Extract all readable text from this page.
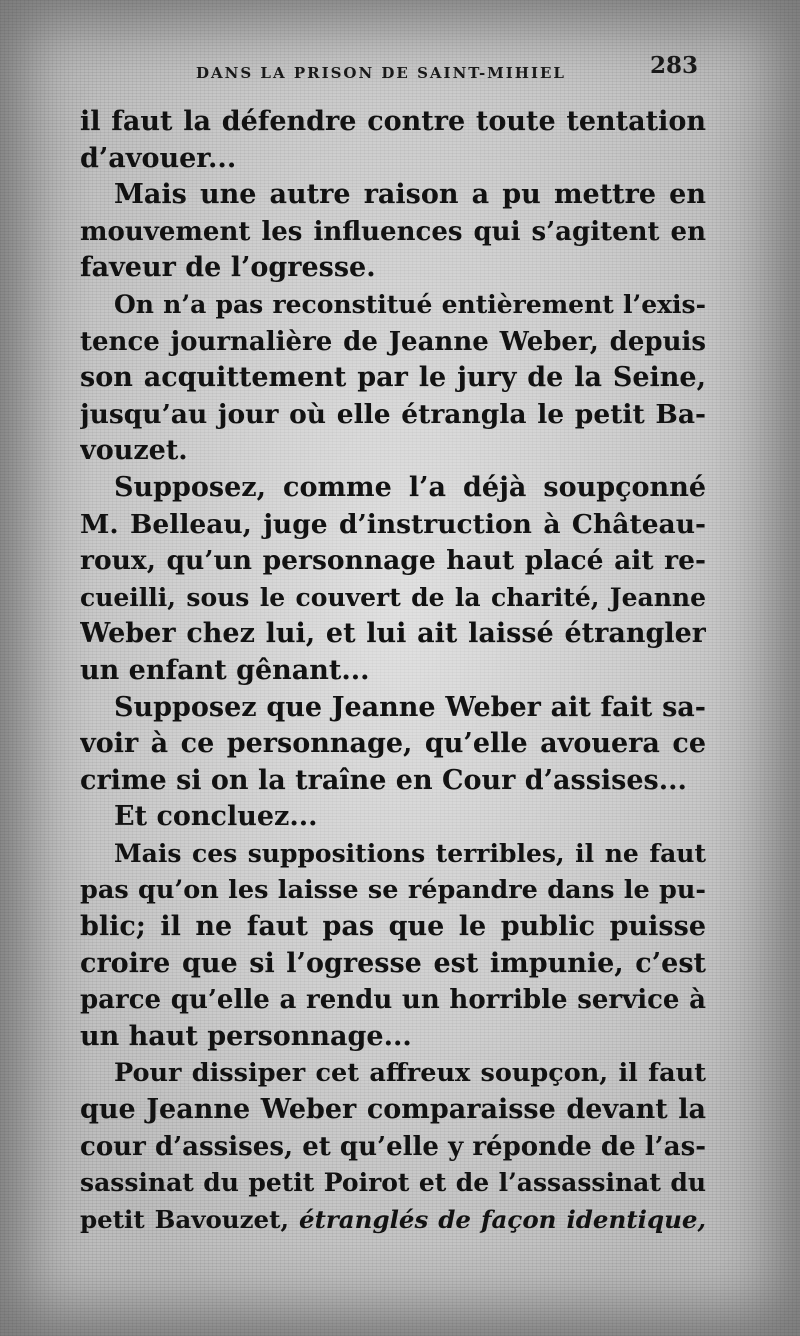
DANS LA PRISON DE SAINT-MIHIEL	283
il faut la défendre contre toute tentation
d’avouer...
Mais une autre raison a pu mettre en
mouvement les influences qui s’agitent en
faveur de l’ogresse.
On n’a pas reconstitué entièrement l’exis-
tence journalière de Jeanne Weber, depuis
son acquittement par le jury de la Seine,
jusqu’au jour où elle étrangla le petit Ba-
vouzet.
Supposez, comme l’a déjà soupçonné
M. Belleau, juge d’instruction à Château-
roux, qu’un personnage haut placé ait re-
cueilli, sous le couvert de la charité, Jeanne
Weber chez lui, et lui ait laissé étrangler
un enfant gênant...
Supposez que Jeanne Weber ait fait sa-
voir à ce personnage, qu’elle avouera ce
crime si on la traîne en Cour d’assises...
Et concluez...
Mais ces suppositions terribles, il ne faut
pas qu’on les laisse se répandre dans le pu-
blic; il ne faut pas que le public puisse
croire que si l’ogresse est impunie, c’est
parce qu’elle a rendu un horrible service à
un haut personnage...
Pour dissiper cet affreux soupçon, il faut
que Jeanne Weber comparaisse devant la
cour d’assises, et qu’elle y réponde de l’as-
sassinat du petit Poirot et de l’assassinat du
petit Bavouzet, étranglés de façon identique,
